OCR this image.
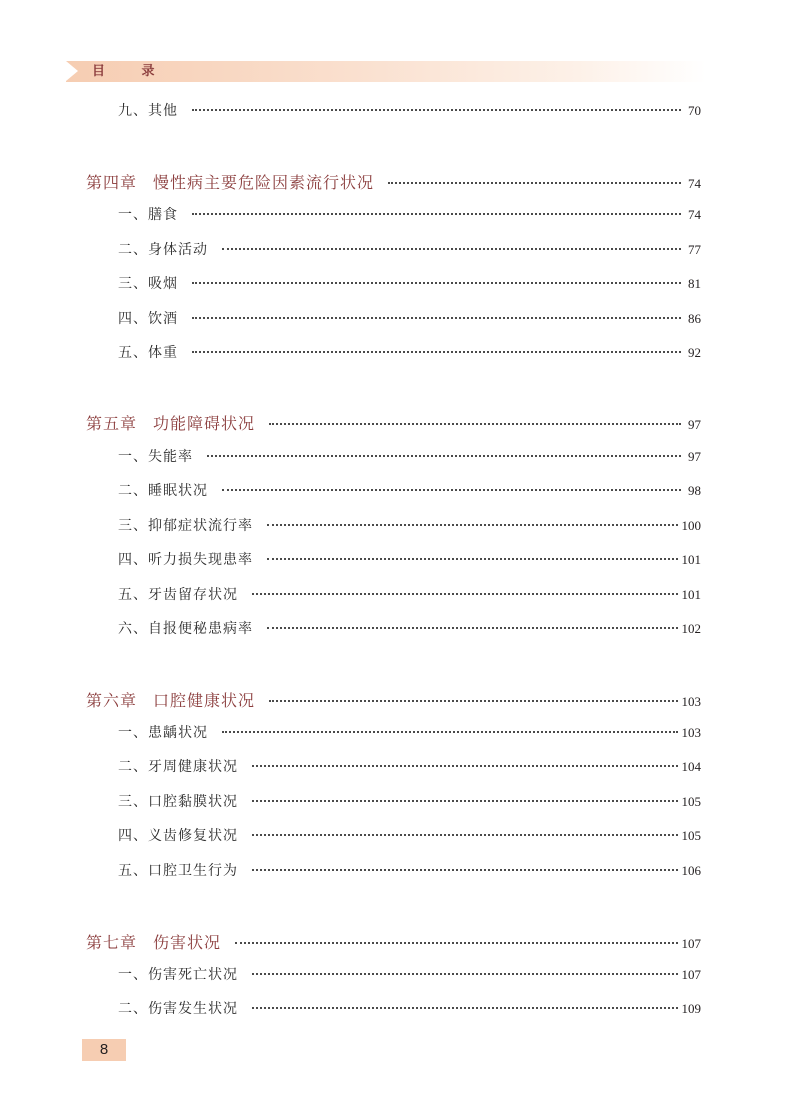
目 录
九、其他	70
第四章 慢性病主要危险因素流行状况	74
一、膳食	74
二、身体活动	77
三、吸烟	81
四、饮酒	86
五、体重	92
第五章 功能障碍状况	97
一、失能率	97
二、睡眠状况	98
三、抑郁症状流行率	100
四、听力损失现患率	101
五、牙齿留存状况	101
六、自报便秘患病率	102
第六章 口腔健康状况	103
一、患龋状况	103
二、牙周健康状况	104
三、口腔黏膜状况	105
四、义齿修复状况	105
五、口腔卫生行为	106
第七章 伤害状况	107
一、伤害死亡状况	107
二、伤害发生状况	109
8
